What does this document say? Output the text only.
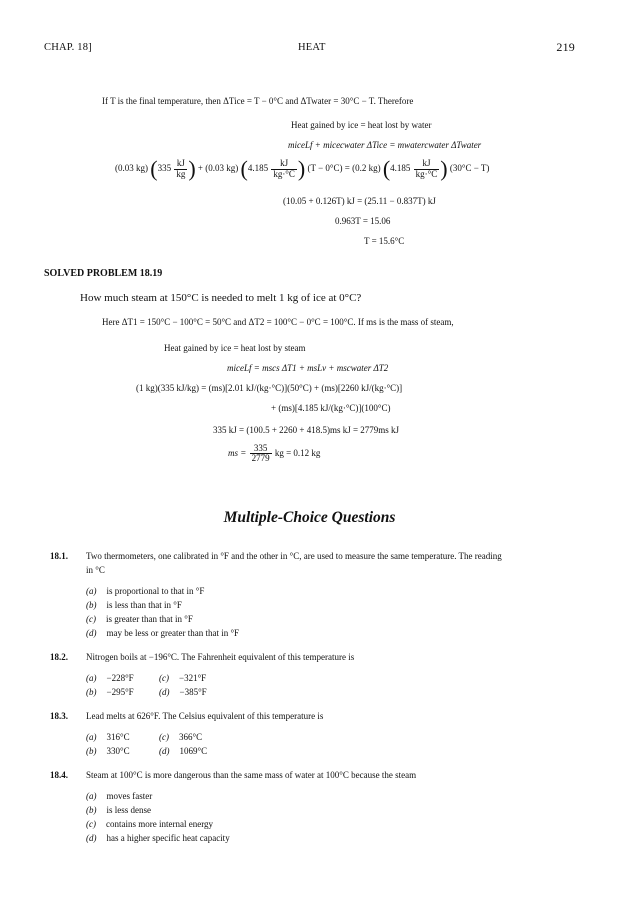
CHAP. 18]	HEAT	219
If T is the final temperature, then ΔTice = T − 0°C and ΔTwater = 30°C − T. Therefore
Heat gained by ice = heat lost by water
miceLf + micecwater ΔTice = mwatercwater ΔTwater
(0.03 kg) ($335 \frac{kJ}{kg}$ ) + (0.03 kg) ($4.185 \frac{kJ}{kg\cdot^\circ C}$ ) (T − 0°C) = (0.2 kg) ($4.185 \frac{kJ}{kg\cdot^\circ C}$ ) (30°C − T)
(10.05 + 0.126T) kJ = (25.11 − 0.837T) kJ
0.963T = 15.06
T = 15.6°C
SOLVED PROBLEM 18.19
How much steam at 150°C is needed to melt 1 kg of ice at 0°C?
Here ΔT1 = 150°C − 100°C = 50°C and ΔT2 = 100°C − 0°C = 100°C. If ms is the mass of steam,
Heat gained by ice = heat lost by steam
miceLf = mscs ΔT1 + msLv + mscwater ΔT2
(1 kg)(335 kJ/kg) = (ms)[2.01 kJ/(kg·°C)](50°C) + (ms)[2260 kJ/(kg·°C)]
+ (ms)[4.185 kJ/(kg·°C)](100°C)
335 kJ = (100.5 + 2260 + 418.5)ms kJ = 2779ms kJ
ms = $\frac{335}{2779}$ kg = 0.12 kg
Multiple-Choice Questions
18.1. Two thermometers, one calibrated in °F and the other in °C, are used to measure the same temperature. The reading
in °C
(a) is proportional to that in °F
(b) is less than that in °F
(c) is greater than that in °F
(d) may be less or greater than that in °F
18.2. Nitrogen boils at −196°C. The Fahrenheit equivalent of this temperature is
(a) −228°F	(c) −321°F
(b) −295°F	(d) −385°F
18.3. Lead melts at 626°F. The Celsius equivalent of this temperature is
(a) 316°C	(c) 366°C
(b) 330°C	(d) 1069°C
18.4. Steam at 100°C is more dangerous than the same mass of water at 100°C because the steam
(a) moves faster
(b) is less dense
(c) contains more internal energy
(d) has a higher specific heat capacity
